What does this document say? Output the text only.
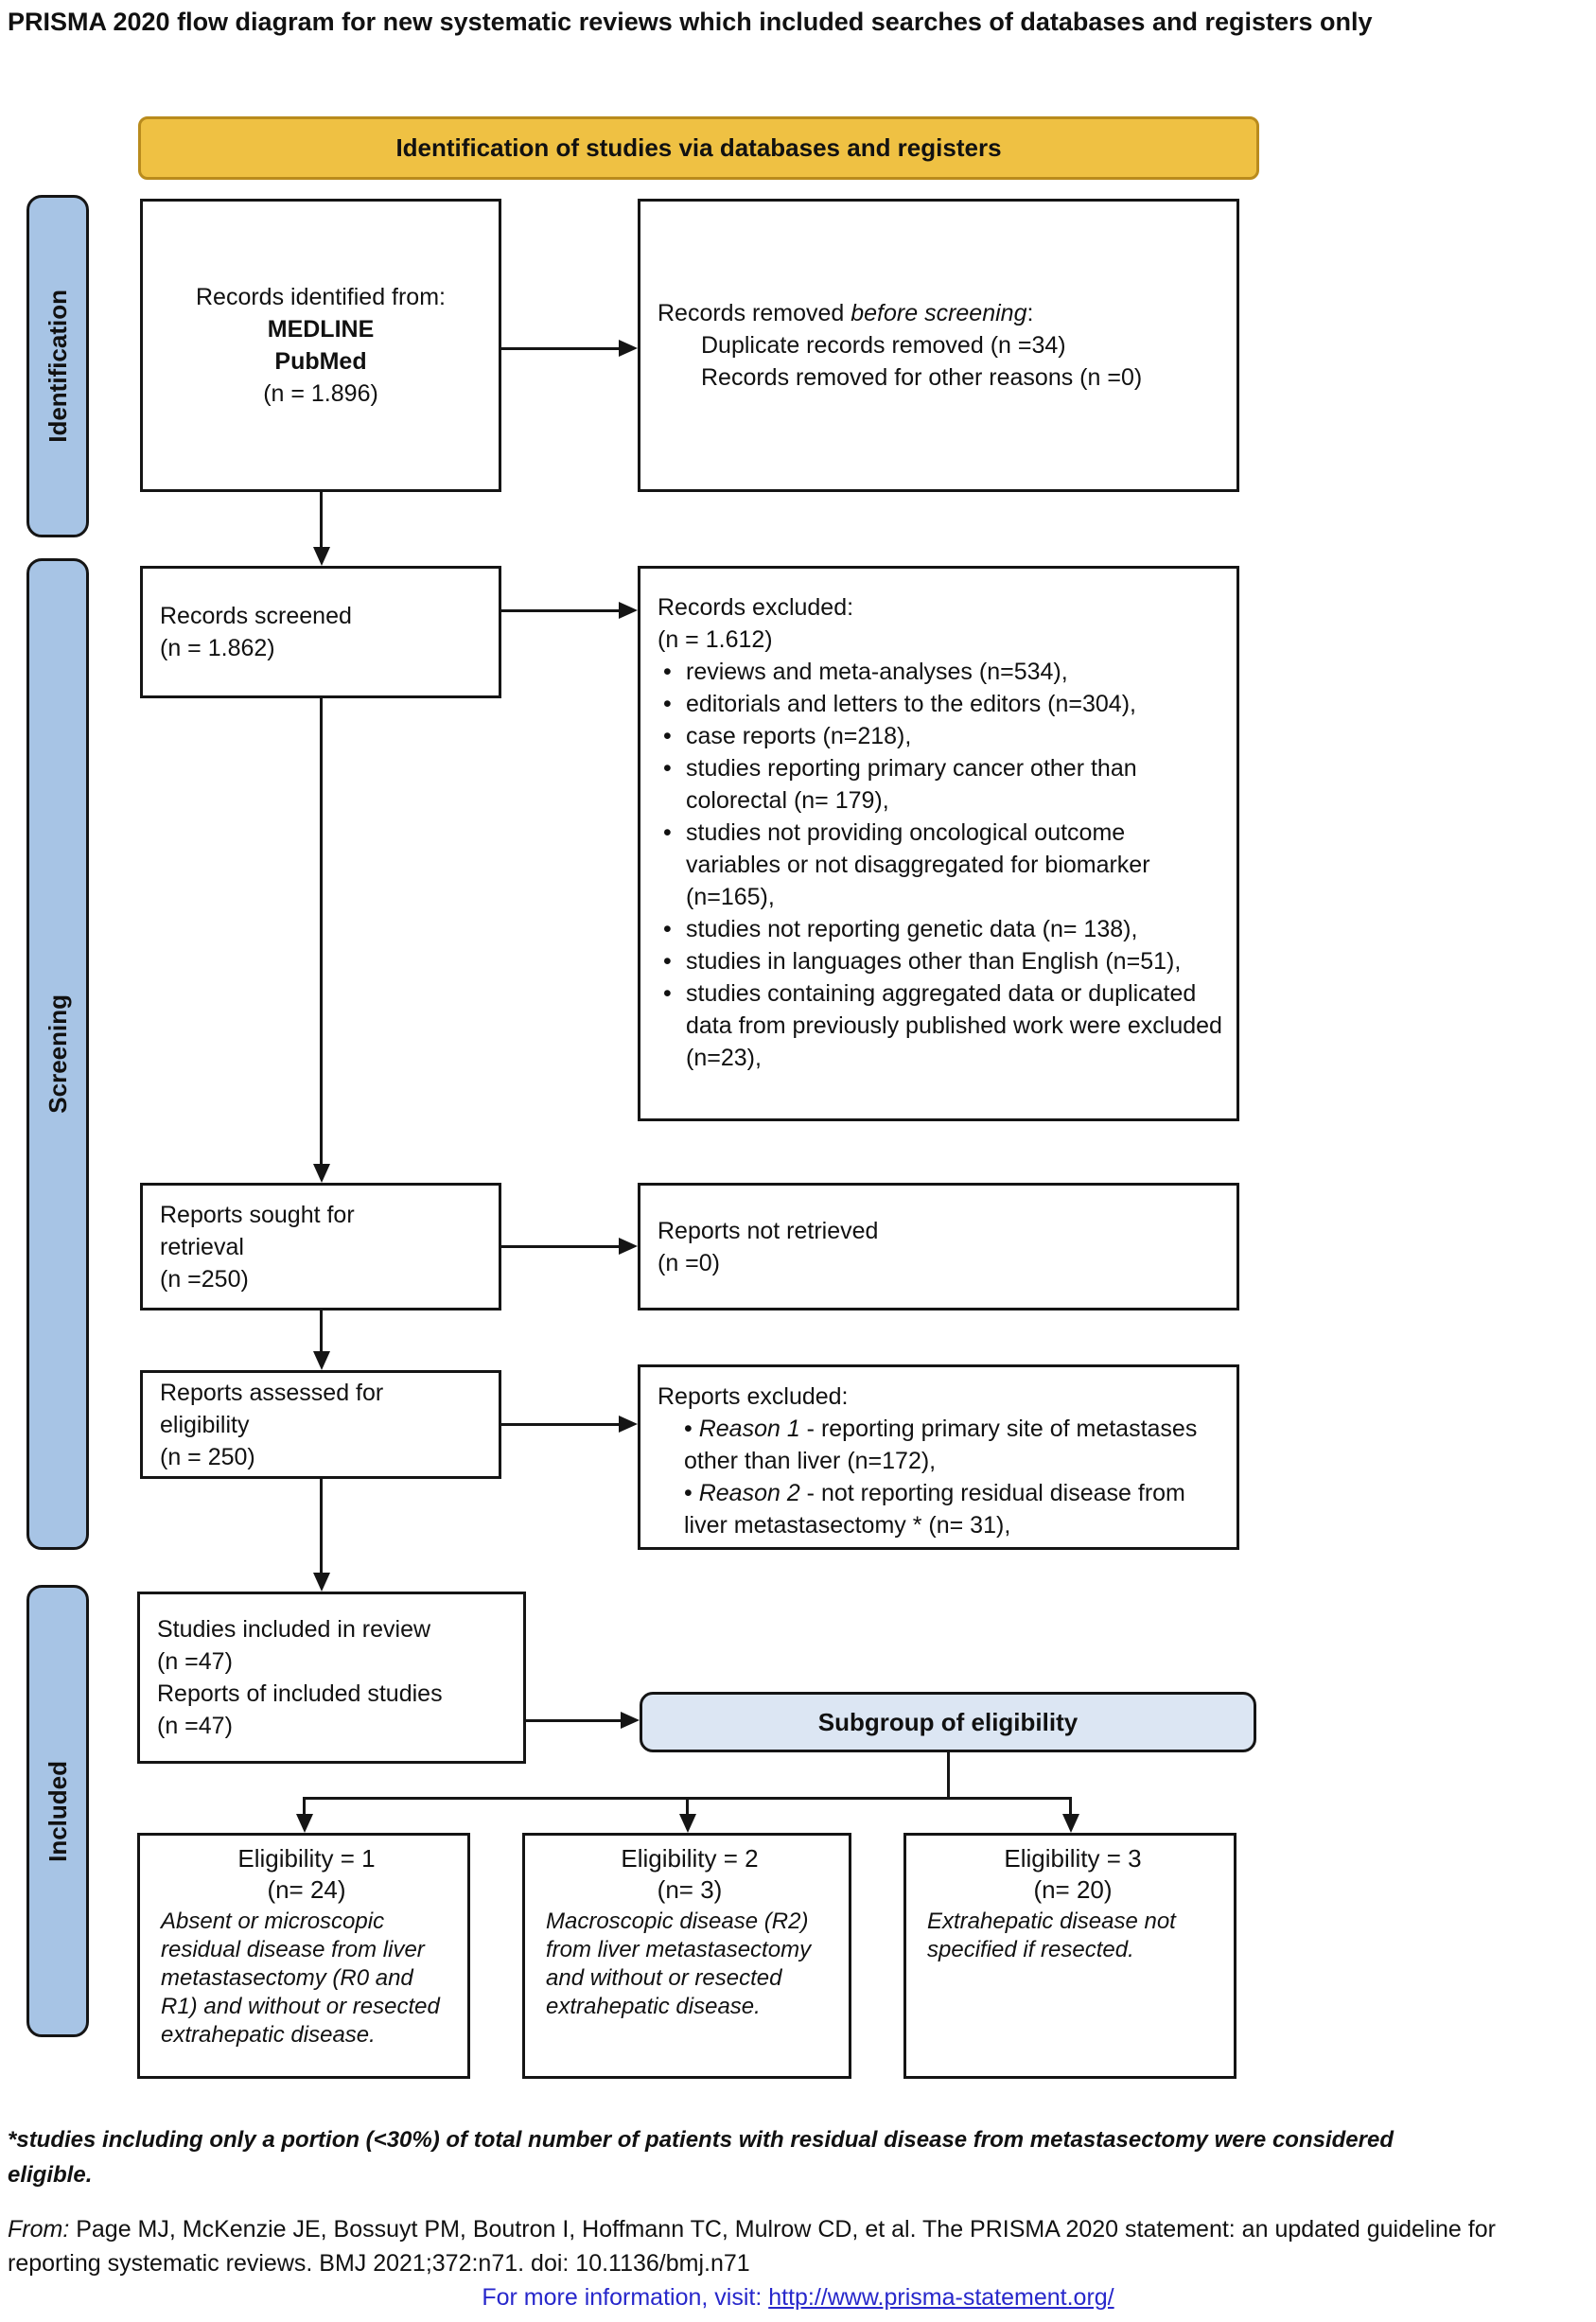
PRISMA 2020 flow diagram for new systematic reviews which included searches of databases and registers only
Identification of studies via databases and registers
Identification
Screening
Included
Records identified from:
MEDLINE
PubMed
(n = 1.896)
Records removed before screening:
Duplicate records removed (n =34)
Records removed for other reasons (n =0)
Records screened
(n = 1.862)
Records excluded:
(n = 1.612)
• reviews and meta-analyses (n=534),
• editorials and letters to the editors (n=304),
• case reports (n=218),
• studies reporting primary cancer other than colorectal (n= 179),
• studies not providing oncological outcome variables or not disaggregated for biomarker (n=165),
• studies not reporting genetic data (n= 138),
• studies in languages other than English (n=51),
• studies containing aggregated data or duplicated data from previously published work were excluded (n=23),
Reports sought for
retrieval
(n =250)
Reports not retrieved
(n =0)
Reports assessed for
eligibility
(n = 250)
Reports excluded:
• Reason 1 - reporting primary site of metastases other than liver (n=172),
• Reason 2 - not reporting residual disease from liver metastasectomy * (n= 31),
Studies included in review
(n =47)
Reports of included studies
(n =47)	Subgroup of eligibility
Eligibility = 1
(n= 24)
Absent or microscopic residual disease from liver metastasectomy (R0 and R1) and without or resected extrahepatic disease.
Eligibility = 2
(n= 3)
Macroscopic disease (R2) from liver metastasectomy and without or resected extrahepatic disease.
Eligibility = 3
(n= 20)
Extrahepatic disease not specified if resected.
*studies including only a portion (<30%) of total number of patients with residual disease from metastasectomy were considered eligible.
From: Page MJ, McKenzie JE, Bossuyt PM, Boutron I, Hoffmann TC, Mulrow CD, et al. The PRISMA 2020 statement: an updated guideline for reporting systematic reviews. BMJ 2021;372:n71. doi: 10.1136/bmj.n71
For more information, visit: http://www.prisma-statement.org/
